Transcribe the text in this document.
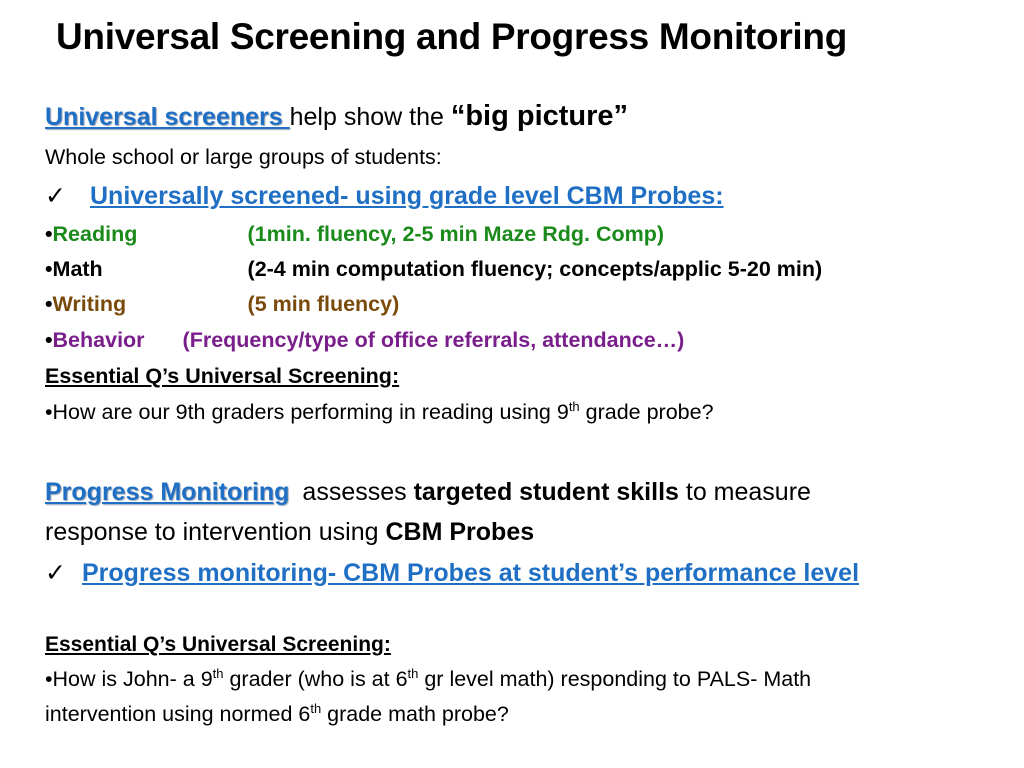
Universal Screening and Progress Monitoring
Universal screeners help show the “big picture”
Whole school or large groups of students:
✓ Universally screened- using grade level CBM Probes:
•Reading	(1min. fluency, 2-5 min Maze Rdg. Comp)
•Math	(2-4 min computation fluency; concepts/applic 5-20 min)
•Writing	(5 min fluency)
•Behavior (Frequency/type of office referrals, attendance…)
Essential Q’s Universal Screening:
•How are our 9th graders performing in reading using 9th grade probe?
Progress Monitoring assesses targeted student skills to measure
response to intervention using CBM Probes
✓ Progress monitoring- CBM Probes at student’s performance level
Essential Q’s Universal Screening:
•How is John- a 9th grader (who is at 6th gr level math) responding to PALS- Math
intervention using normed 6th grade math probe?
